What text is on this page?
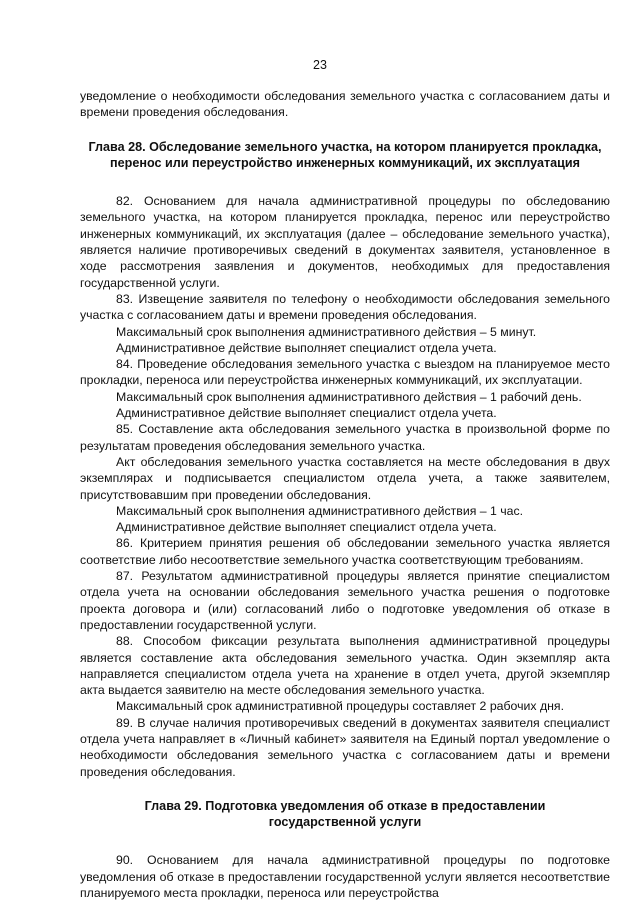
23

уведомление о необходимости обследования земельного участка с согласованием даты и времени проведения обследования.

Глава 28. Обследование земельного участка, на котором планируется прокладка, перенос или переустройство инженерных коммуникаций, их эксплуатация

82. Основанием для начала административной процедуры по обследованию земельного участка, на котором планируется прокладка, перенос или переустройство инженерных коммуникаций, их эксплуатация (далее – обследование земельного участка), является наличие противоречивых сведений в документах заявителя, установленное в ходе рассмотрения заявления и документов, необходимых для предоставления государственной услуги.

83. Извещение заявителя по телефону о необходимости обследования земельного участка с согласованием даты и времени проведения обследования.

Максимальный срок выполнения административного действия – 5 минут.

Административное действие выполняет специалист отдела учета.

84. Проведение обследования земельного участка с выездом на планируемое место прокладки, переноса или переустройства инженерных коммуникаций, их эксплуатации.

Максимальный срок выполнения административного действия – 1 рабочий день.

Административное действие выполняет специалист отдела учета.

85. Составление акта обследования земельного участка в произвольной форме по результатам проведения обследования земельного участка.

Акт обследования земельного участка составляется на месте обследования в двух экземплярах и подписывается специалистом отдела учета, а также заявителем, присутствовавшим при проведении обследования.

Максимальный срок выполнения административного действия – 1 час.

Административное действие выполняет специалист отдела учета.

86. Критерием принятия решения об обследовании земельного участка является соответствие либо несоответствие земельного участка соответствующим требованиям.

87. Результатом административной процедуры является принятие специалистом отдела учета на основании обследования земельного участка решения о подготовке проекта договора и (или) согласований либо о подготовке уведомления об отказе в предоставлении государственной услуги.

88. Способом фиксации результата выполнения административной процедуры является составление акта обследования земельного участка. Один экземпляр акта направляется специалистом отдела учета на хранение в отдел учета, другой экземпляр акта выдается заявителю на месте обследования земельного участка.

Максимальный срок административной процедуры составляет 2 рабочих дня.

89. В случае наличия противоречивых сведений в документах заявителя специалист отдела учета направляет в «Личный кабинет» заявителя на Единый портал уведомление о необходимости обследования земельного участка с согласованием даты и времени проведения обследования.

Глава 29. Подготовка уведомления об отказе в предоставлении
государственной услуги

90. Основанием для начала административной процедуры по подготовке уведомления об отказе в предоставлении государственной услуги является несоответствие планируемого места прокладки, переноса или переустройства
